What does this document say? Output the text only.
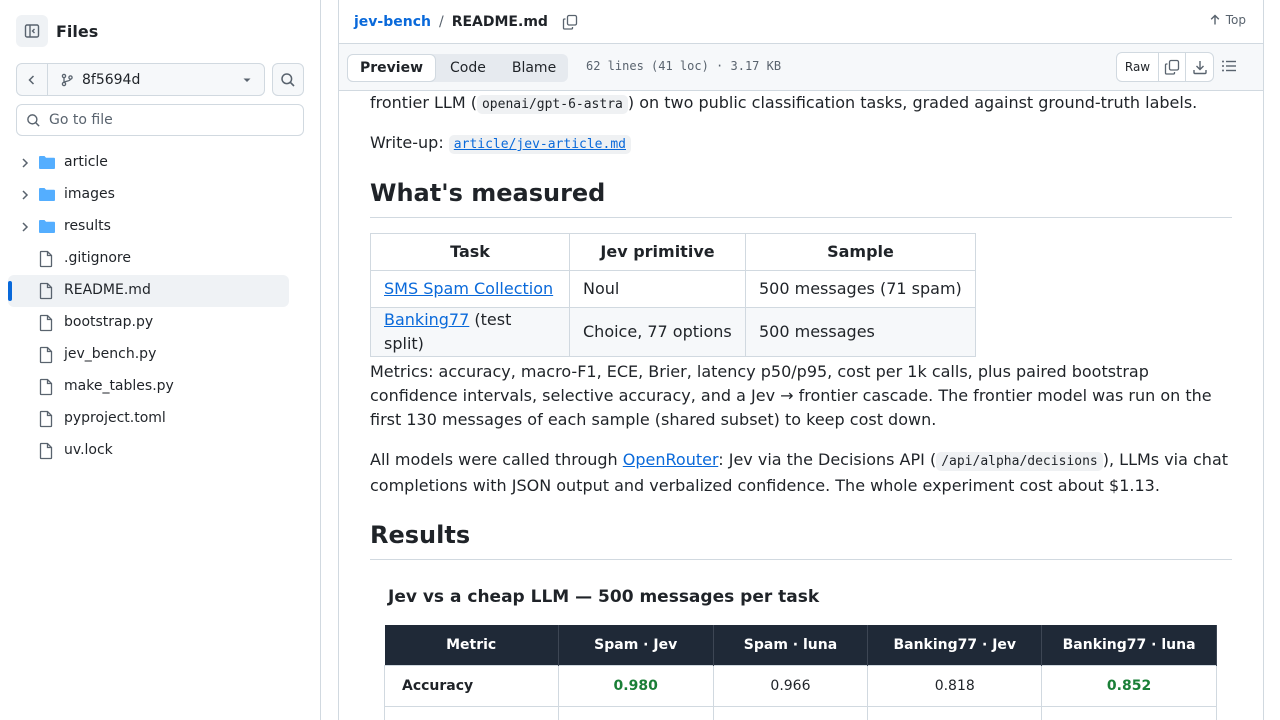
Files
8f5694d
Go to file
article
images
results
.gitignore
README.md
bootstrap.py
jev_bench.py
make_tables.py
pyproject.toml
uv.lock
jev-bench / README.md	Top
Preview	Code	Blame	62 lines (41 loc) · 3.17 KB	Raw
frontier LLM ( openai/gpt-6-astra ) on two public classification tasks, graded against ground-truth labels.
Write-up: article/jev-article.md
What's measured
Task	Jev primitive	Sample
SMS Spam Collection	Noul	500 messages (71 spam)
Banking77 (test split)	Choice, 77 options	500 messages
Metrics: accuracy, macro-F1, ECE, Brier, latency p50/p95, cost per 1k calls, plus paired bootstrap confidence intervals, selective accuracy, and a Jev → frontier cascade. The frontier model was run on the first 130 messages of each sample (shared subset) to keep cost down.
All models were called through OpenRouter: Jev via the Decisions API ( /api/alpha/decisions ), LLMs via chat completions with JSON output and verbalized confidence. The whole experiment cost about $1.13.
Results
Jev vs a cheap LLM — 500 messages per task
Metric	Spam · Jev	Spam · luna	Banking77 · Jev	Banking77 · luna
Accuracy	0.980	0.966	0.818	0.852
